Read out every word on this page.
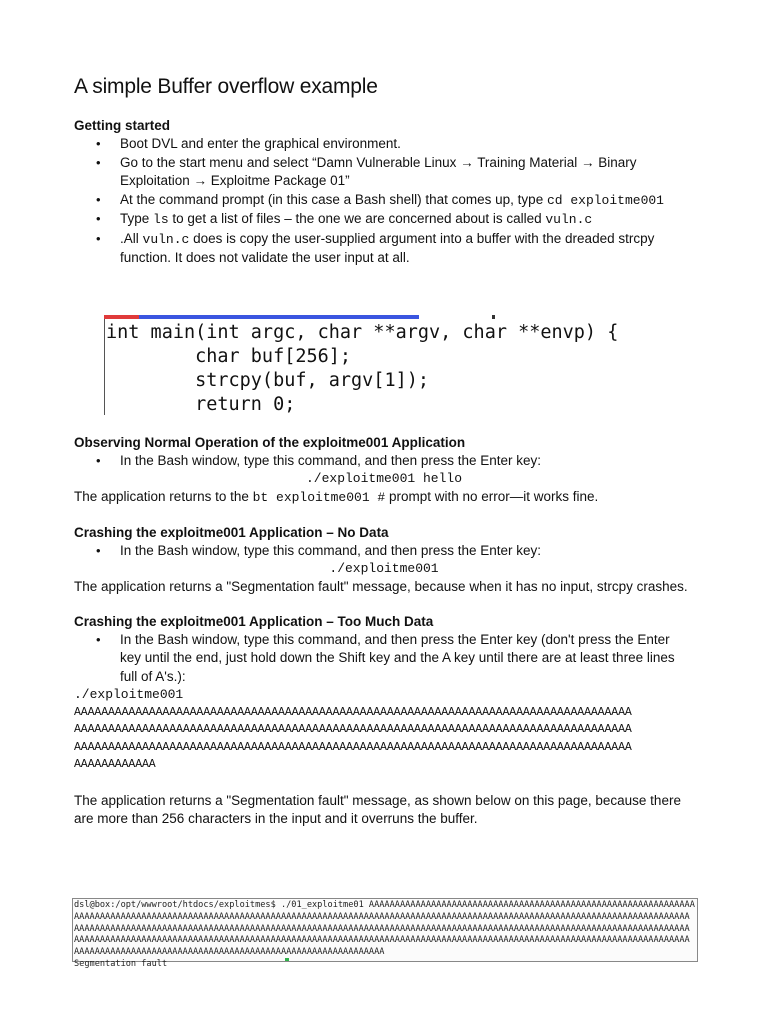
A simple Buffer overflow example
Getting started
• Boot DVL and enter the graphical environment.
• Go to the start menu and select “Damn Vulnerable Linux → Training Material → Binary Exploitation → Exploitme Package 01”
• At the command prompt (in this case a Bash shell) that comes up, type cd exploitme001
• Type ls to get a list of files – the one we are concerned about is called vuln.c
• .All vuln.c does is copy the user-supplied argument into a buffer with the dreaded strcpy function. It does not validate the user input at all.
Observing Normal Operation of the exploitme001 Application
• In the Bash window, type this command, and then press the Enter key:
./exploitme001 hello

The application returns to the bt exploitme001 # prompt with no error—it works fine.

Crashing the exploitme001 Application – No Data
• In the Bash window, type this command, and then press the Enter key:
./exploitme001

The application returns a "Segmentation fault" message, because when it has no input, strcpy crashes.

Crashing the exploitme001 Application – Too Much Data
• In the Bash window, type this command, and then press the Enter key (don't press the Enter key until the end, just hold down the Shift key and the A key until there are at least three lines full of A's.):
./exploitme001
AAAAAAAAAAAAAAAAAAAAAAAAAAAAAAAAAAAAAAAAAAAAAAAAAAAAAAAAAAAAAAAAAAAAAAAAAAAAAAAAAA
AAAAAAAAAAAAAAAAAAAAAAAAAAAAAAAAAAAAAAAAAAAAAAAAAAAAAAAAAAAAAAAAAAAAAAAAAAAAAAAAAA
AAAAAAAAAAAAAAAAAAAAAAAAAAAAAAAAAAAAAAAAAAAAAAAAAAAAAAAAAAAAAAAAAAAAAAAAAAAAAAAAAA
AAAAAAAAAAAA

The application returns a "Segmentation fault" message, as shown below on this page, because there are more than 256 characters in the input and it overruns the buffer.

int main(int argc, char **argv, char **envp) {
char buf[256];
strcpy(buf, argv[1]);
return 0;
dsl@box:/opt/wwwroot/htdocs/exploitmes$ ./01_exploitme01 AAAAAAAAAAAAAAAAAAAAAAAAAAAAAAAAAAAAAAAAAAAAAAAAAAAAAAAAAAAAAAA
AAAAAAAAAAAAAAAAAAAAAAAAAAAAAAAAAAAAAAAAAAAAAAAAAAAAAAAAAAAAAAAAAAAAAAAAAAAAAAAAAAAAAAAAAAAAAAAAAAAAAAAAAAAAAAAAAAAAAAA
AAAAAAAAAAAAAAAAAAAAAAAAAAAAAAAAAAAAAAAAAAAAAAAAAAAAAAAAAAAAAAAAAAAAAAAAAAAAAAAAAAAAAAAAAAAAAAAAAAAAAAAAAAAAAAAAAAAAAAA
AAAAAAAAAAAAAAAAAAAAAAAAAAAAAAAAAAAAAAAAAAAAAAAAAAAAAAAAAAAAAAAAAAAAAAAAAAAAAAAAAAAAAAAAAAAAAAAAAAAAAAAAAAAAAAAAAAAAAAA
AAAAAAAAAAAAAAAAAAAAAAAAAAAAAAAAAAAAAAAAAAAAAAAAAAAAAAAAAAAA
Segmentation fault
